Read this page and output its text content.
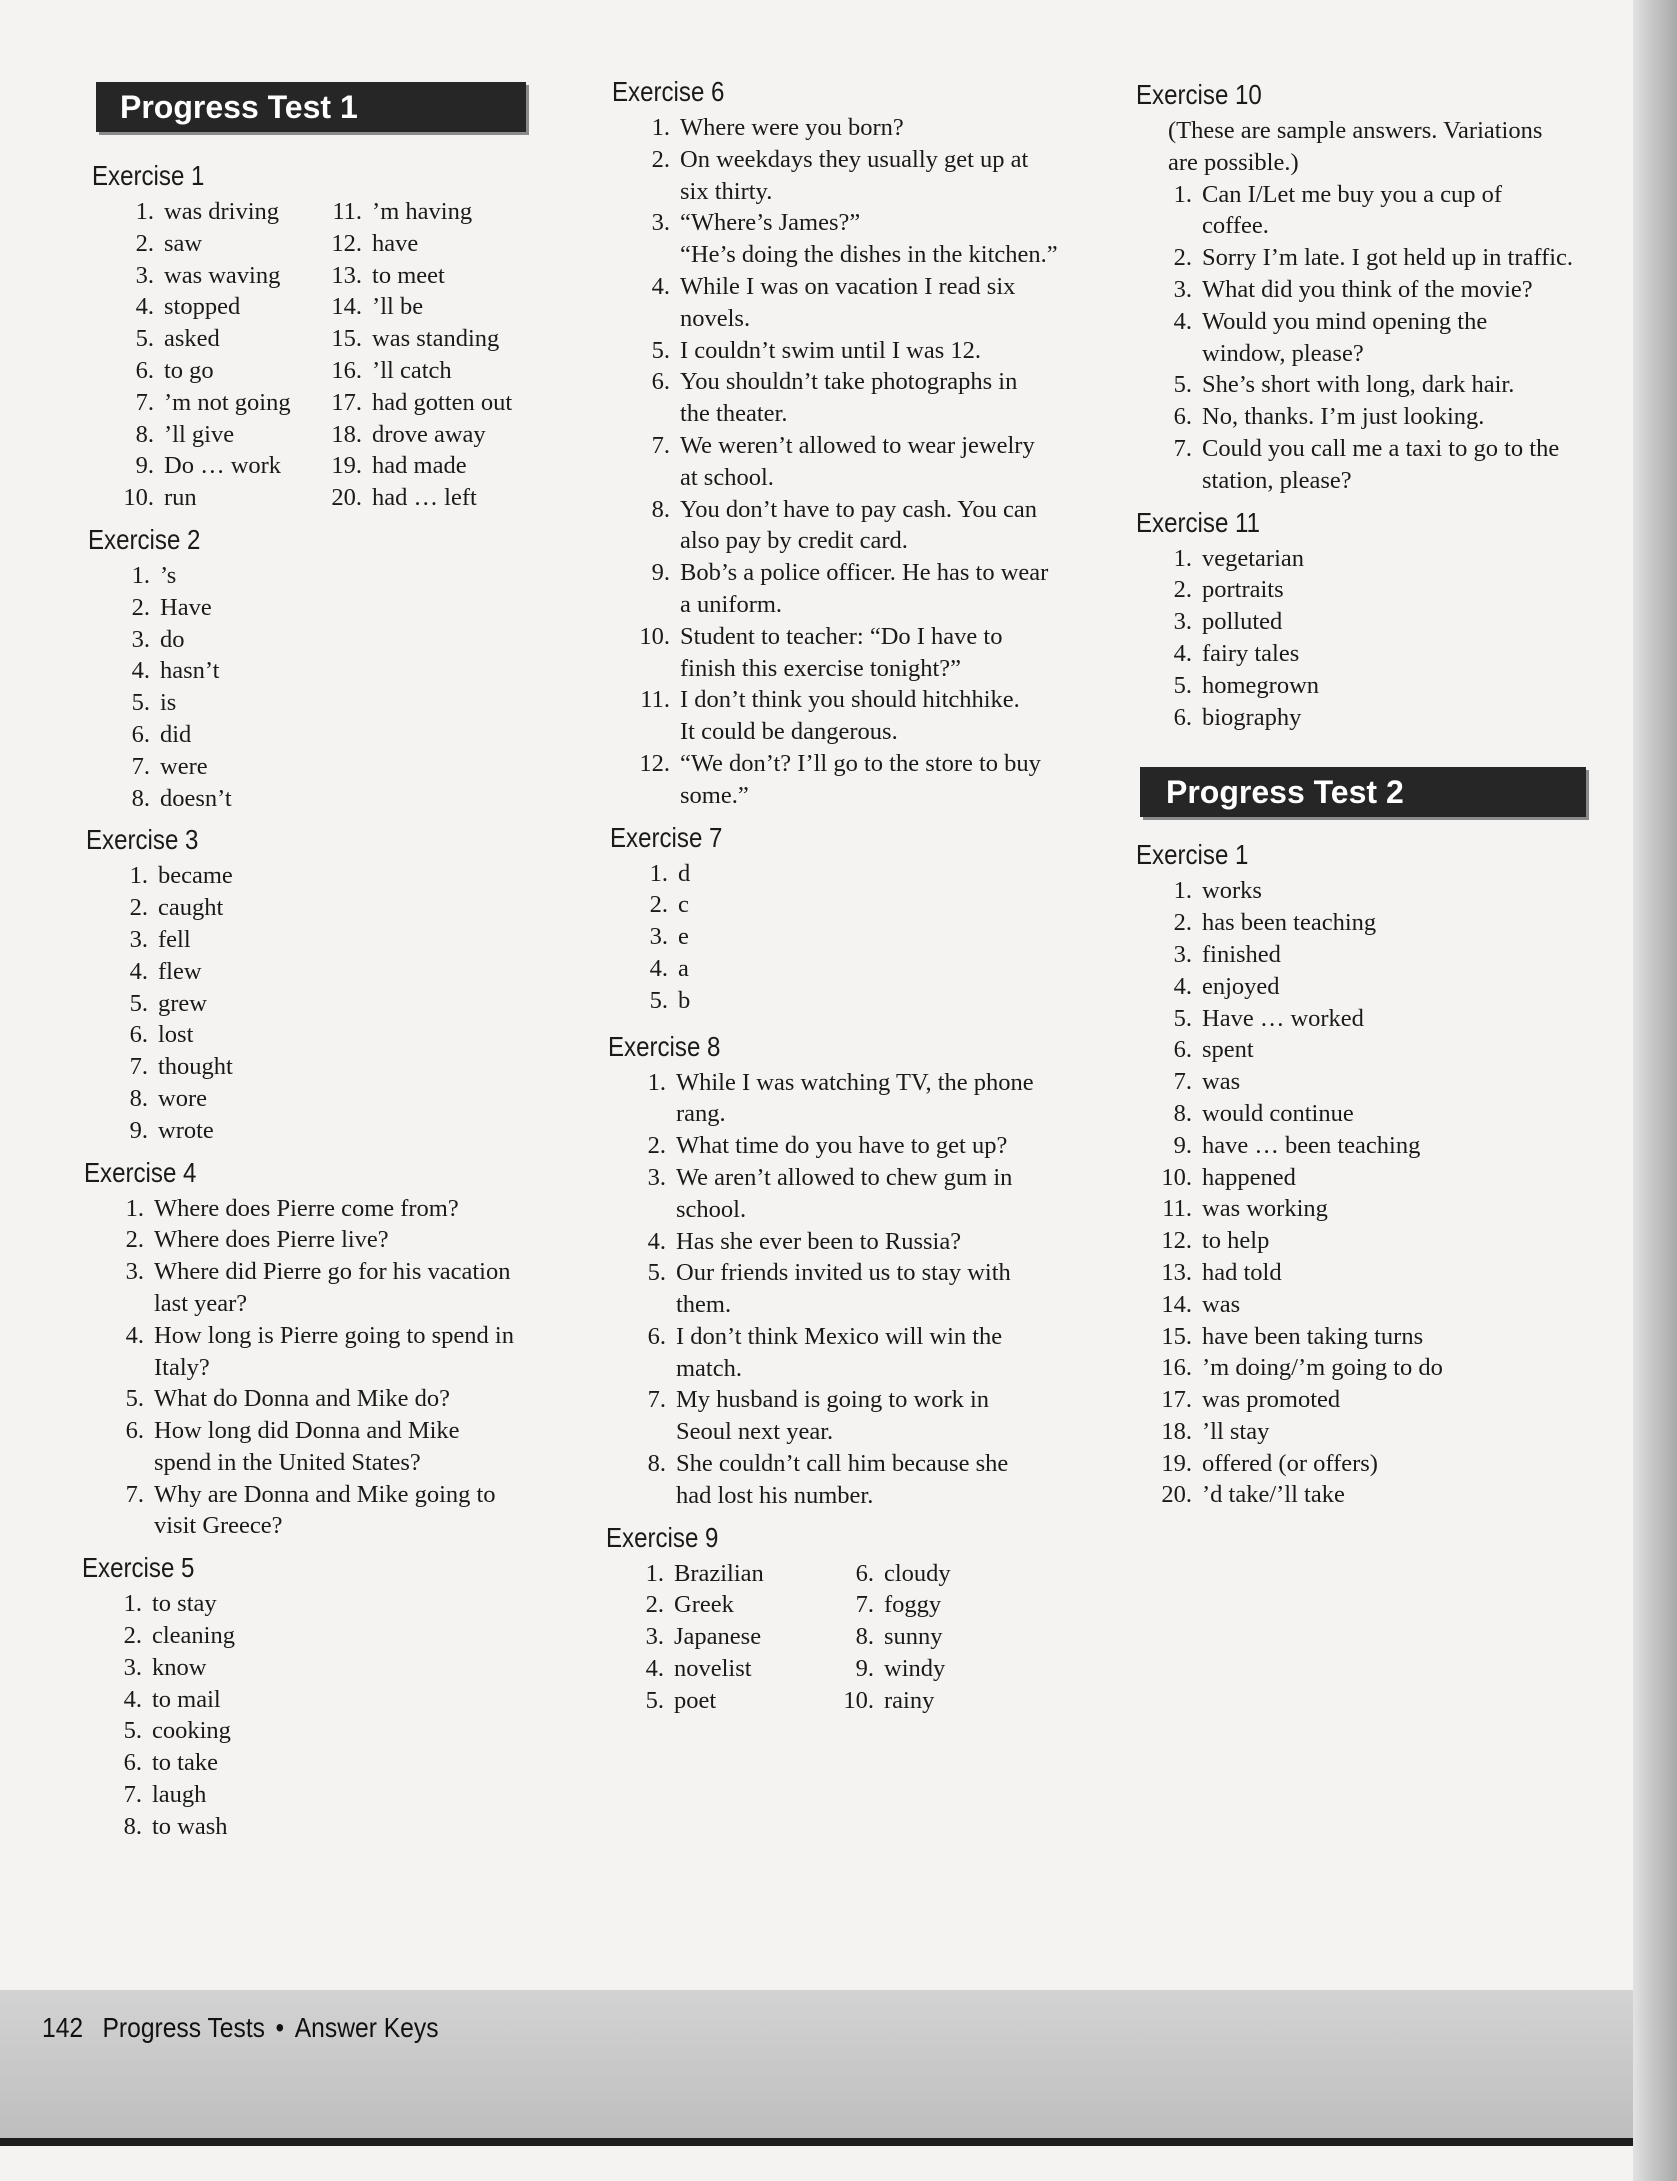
Progress Test 1
Exercise 1
1. was driving
2. saw
3. was waving
4. stopped
5. asked
6. to go
7. ’m not going
8. ’ll give
9. Do … work
10. run
11. ’m having
12. have
13. to meet
14. ’ll be
15. was standing
16. ’ll catch
17. had gotten out
18. drove away
19. had made
20. had … left
Exercise 2
1. ’s
2. Have
3. do
4. hasn’t
5. is
6. did
7. were
8. doesn’t
Exercise 3
1. became
2. caught
3. fell
4. flew
5. grew
6. lost
7. thought
8. wore
9. wrote
Exercise 4
1. Where does Pierre come from?
2. Where does Pierre live?
3. Where did Pierre go for his vacation
last year?
4. How long is Pierre going to spend in
Italy?
5. What do Donna and Mike do?
6. How long did Donna and Mike
spend in the United States?
7. Why are Donna and Mike going to
visit Greece?
Exercise 5
1. to stay
2. cleaning
3. know
4. to mail
5. cooking
6. to take
7. laugh
8. to wash
Exercise 6
1. Where were you born?
2. On weekdays they usually get up at
six thirty.
3. “Where’s James?”
“He’s doing the dishes in the kitchen.”
4. While I was on vacation I read six
novels.
5. I couldn’t swim until I was 12.
6. You shouldn’t take photographs in
the theater.
7. We weren’t allowed to wear jewelry
at school.
8. You don’t have to pay cash. You can
also pay by credit card.
9. Bob’s a police officer. He has to wear
a uniform.
10. Student to teacher: “Do I have to
finish this exercise tonight?”
11. I don’t think you should hitchhike.
It could be dangerous.
12. “We don’t? I’ll go to the store to buy
some.”
Exercise 7
1. d
2. c
3. e
4. a
5. b
Exercise 8
1. While I was watching TV, the phone
rang.
2. What time do you have to get up?
3. We aren’t allowed to chew gum in
school.
4. Has she ever been to Russia?
5. Our friends invited us to stay with
them.
6. I don’t think Mexico will win the
match.
7. My husband is going to work in
Seoul next year.
8. She couldn’t call him because she
had lost his number.
Exercise 9
1. Brazilian
2. Greek
3. Japanese
4. novelist
5. poet
6. cloudy
7. foggy
8. sunny
9. windy
10. rainy
Exercise 10
(These are sample answers. Variations
are possible.)
1. Can I/Let me buy you a cup of
coffee.
2. Sorry I’m late. I got held up in traffic.
3. What did you think of the movie?
4. Would you mind opening the
window, please?
5. She’s short with long, dark hair.
6. No, thanks. I’m just looking.
7. Could you call me a taxi to go to the
station, please?
Exercise 11
1. vegetarian
2. portraits
3. polluted
4. fairy tales
5. homegrown
6. biography
Progress Test 2
Exercise 1
1. works
2. has been teaching
3. finished
4. enjoyed
5. Have … worked
6. spent
7. was
8. would continue
9. have … been teaching
10. happened
11. was working
12. to help
13. had told
14. was
15. have been taking turns
16. ’m doing/’m going to do
17. was promoted
18. ’ll stay
19. offered (or offers)
20. ’d take/’ll take
142 Progress Tests • Answer Keys
